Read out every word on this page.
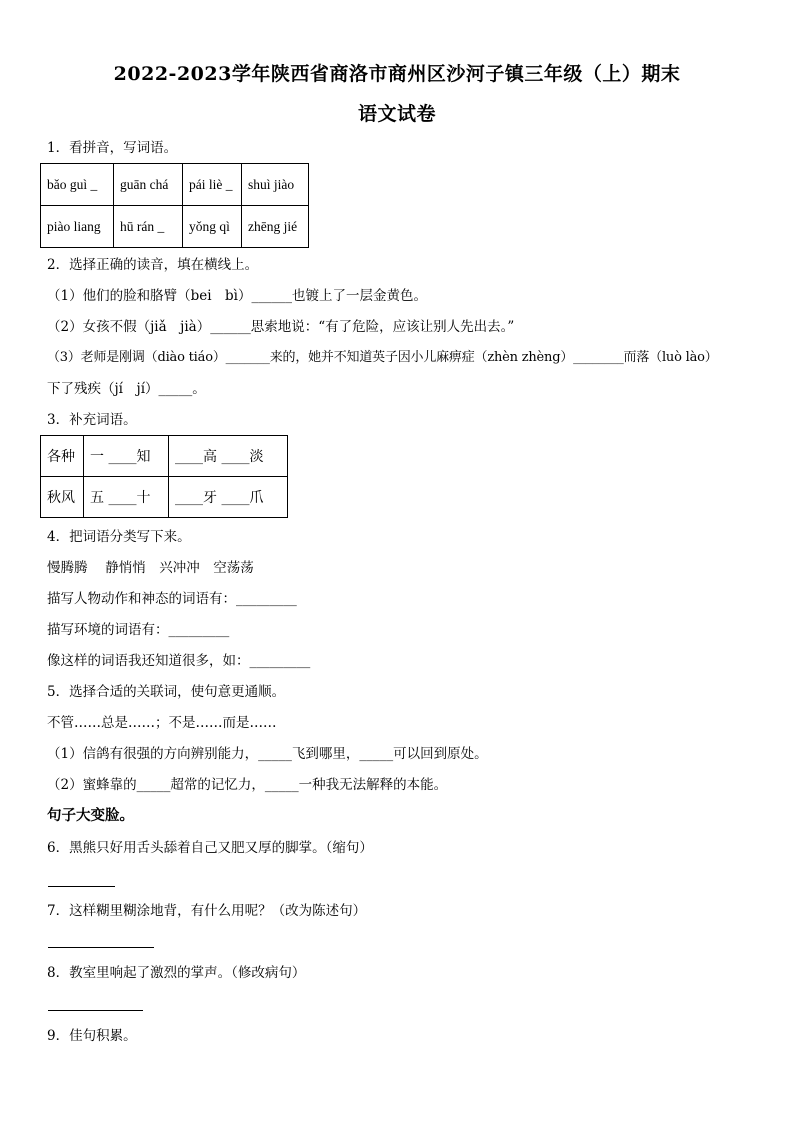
2022-2023学年陕西省商洛市商州区沙河子镇三年级（上）期末
语文试卷
1．看拼音，写词语。
bǎo guì _	guān chá	pái liè _	shuì jiào
piào liang	hū rán _	yǒng qì	zhēng jié
2．选择正确的读音，填在横线上。
（1）他们的脸和胳臂（bei　bì）______也镀上了一层金黄色。
（2）女孩不假（jiǎ　jià）______思索地说：“有了危险，应该让别人先出去。”
（3）老师是刚调（diào tiáo）_______来的，她并不知道英子因小儿麻痹症（zhèn zhèng）________而落（luò lào）
下了残疾（jí　jí）_____。
3．补充词语。
各种	一 ____知	____高 ____淡
秋风	五 ____十	____牙 ____爪
4．把词语分类写下来。
慢腾腾　 静悄悄　兴冲冲　空荡荡
描写人物动作和神态的词语有：_________
描写环境的词语有：_________
像这样的词语我还知道很多，如：_________
5．选择合适的关联词，使句意更通顺。
不管……总是……；不是……而是……
（1）信鸽有很强的方向辨别能力，_____飞到哪里，_____可以回到原处。
（2）蜜蜂靠的_____超常的记忆力，_____一种我无法解释的本能。
句子大变脸。
6．黑熊只好用舌头舔着自己又肥又厚的脚掌。（缩句）
7．这样糊里糊涂地背，有什么用呢？（改为陈述句）
8．教室里响起了激烈的掌声。（修改病句）
9．佳句积累。
